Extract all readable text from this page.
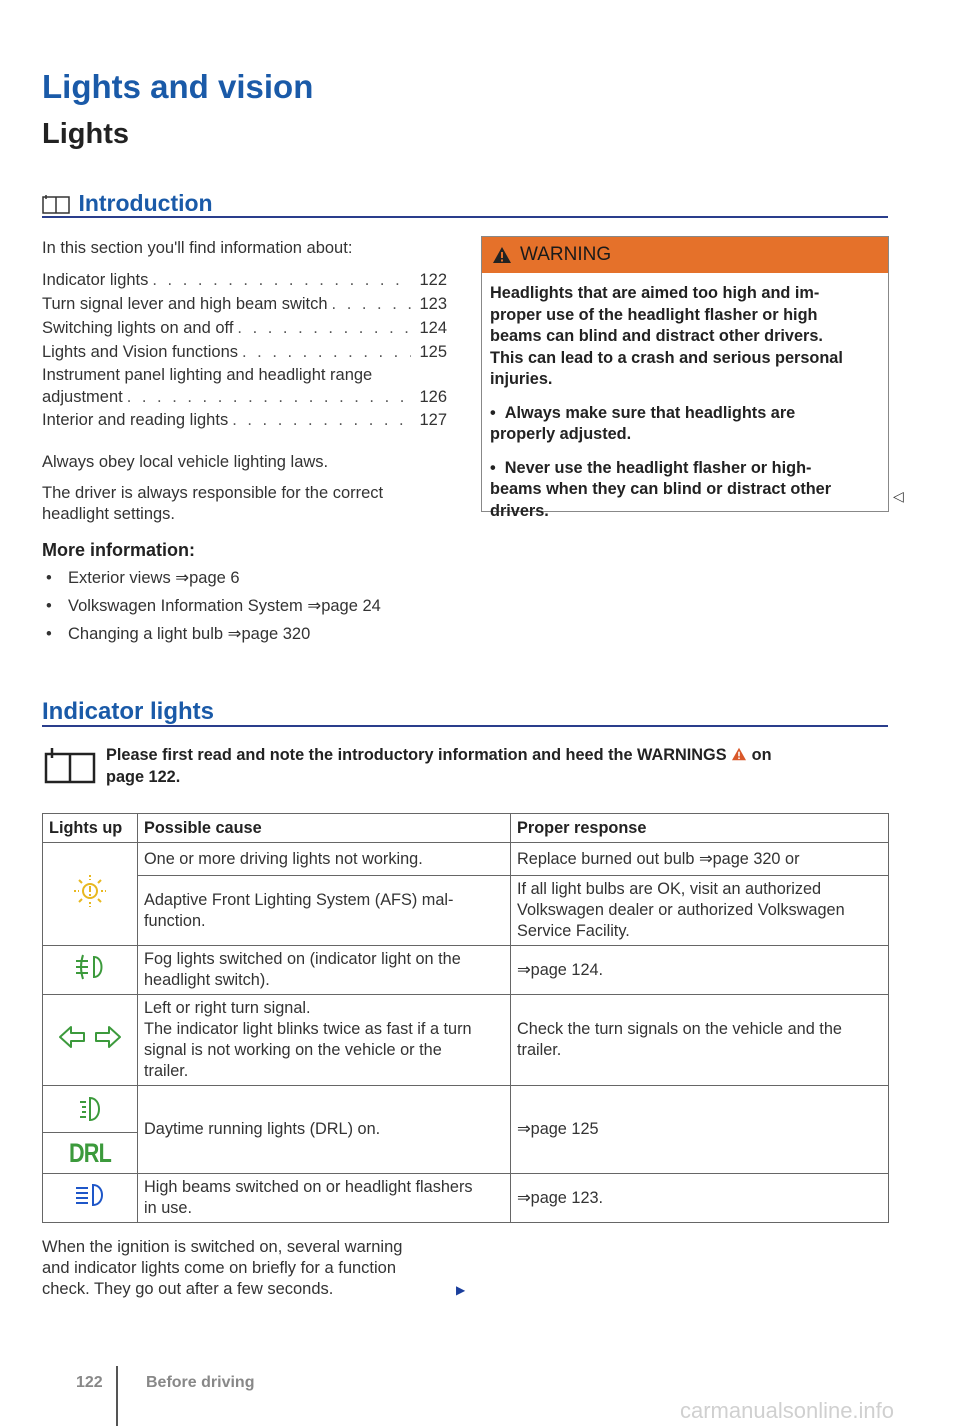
Lights and vision
Lights
Introduction
In this section you'll find information about:
Indicator lights . . .	122
Turn signal lever and high beam switch . . .	123
Switching lights on and off . . .	124
Lights and Vision functions . . .	125
Instrument panel lighting and headlight range
adjustment . . .	126
Interior and reading lights . . .	127
Always obey local vehicle lighting laws.
The driver is always responsible for the correct
headlight settings.
More information:
• Exterior views ⇒page 6
• Volkswagen Information System ⇒page 24
• Changing a light bulb ⇒page 320
WARNING

Headlights that are aimed too high and im-
proper use of the headlight flasher or high
beams can blind and distract other drivers.
This can lead to a crash and serious personal
injuries.

•  Always make sure that headlights are
properly adjusted.

•  Never use the headlight flasher or high-
beams when they can blind or distract other
drivers.

◁
Indicator lights
Please first read and note the introductory information and heed the WARNINGS on
page 122.
Lights up	Possible cause	Proper response
	One or more driving lights not working.	Replace burned out bulb ⇒page 320 or
	Adaptive Front Lighting System (AFS) mal-
function.	If all light bulbs are OK, visit an authorized
Volkswagen dealer or authorized Volkswagen
Service Facility.
	Fog lights switched on (indicator light on the
headlight switch).	⇒page 124.
	Left or right turn signal.
The indicator light blinks twice as fast if a turn
signal is not working on the vehicle or the
trailer.	Check the turn signals on the vehicle and the
trailer.

DRL	Daytime running lights (DRL) on.	⇒page 125
	High beams switched on or headlight flashers
in use.	⇒page 123.
When the ignition is switched on, several warning
and indicator lights come on briefly for a function
check. They go out after a few seconds.	▶
122	Before driving
carmanualsonline.info
